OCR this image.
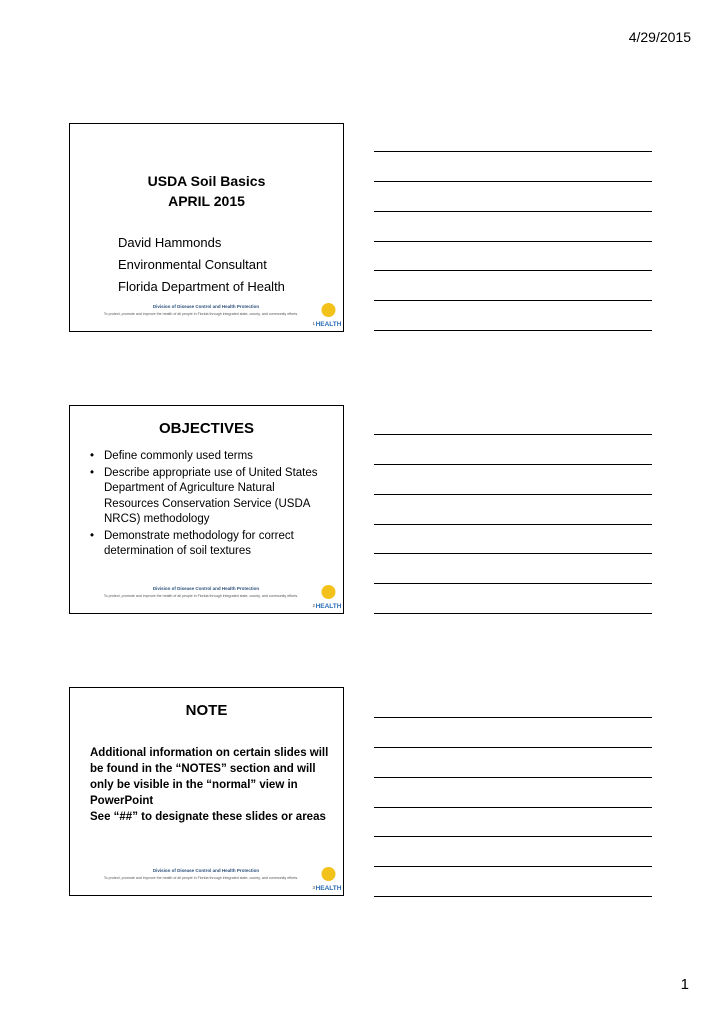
4/29/2015
USDA Soil Basics
APRIL 2015
David Hammonds
Environmental Consultant
Florida Department of Health
Division of Disease Control and Health Protection
To protect, promote and improve the health of all people in Florida through integrated state, county, and community efforts.
1 HEALTH
OBJECTIVES
• Define commonly used terms
• Describe appropriate use of United States Department of Agriculture Natural Resources Conservation Service (USDA NRCS) methodology
• Demonstrate methodology for correct determination of soil textures
Division of Disease Control and Health Protection
To protect, promote and improve the health of all people in Florida through integrated state, county, and community efforts.
2 HEALTH
NOTE

Additional information on certain slides will be found in the “NOTES” section and will only be visible in the “normal” view in PowerPoint

See “##” to designate these slides or areas

Division of Disease Control and Health Protection
To protect, promote and improve the health of all people in Florida through integrated state, county, and community efforts.
3 HEALTH
1
